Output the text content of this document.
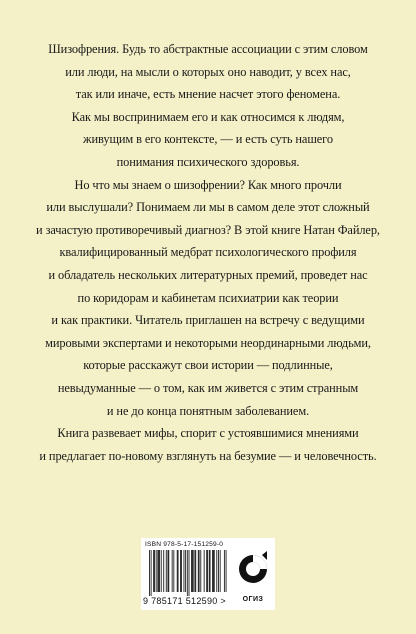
Шизофрения. Будь то абстрактные ассоциации с этим словом
или люди, на мысли о которых оно наводит, у всех нас,
так или иначе, есть мнение насчет этого феномена.

Как мы воспринимаем его и как относимся к людям,
живущим в его контексте, — и есть суть нашего
понимания психического здоровья.

Но что мы знаем о шизофрении? Как много прочли
или выслушали? Понимаем ли мы в самом деле этот сложный
и зачастую противоречивый диагноз? В этой книге Натан Файлер,
квалифицированный медбрат психологического профиля
и обладатель нескольких литературных премий, проведет нас
по коридорам и кабинетам психиатрии как теории
и как практики. Читатель приглашен на встречу с ведущими
мировыми экспертами и некоторыми неординарными людьми,
которые расскажут свои истории — подлинные,
невыдуманные — о том, как им живется с этим странным
и не до конца понятным заболеванием.

Книга развевает мифы, спорит с устоявшимися мнениями
и предлагает по-новому взглянуть на безумие — и человечность.

ISBN 978-5-17-151259-0
9 785171 512590 >	ОГИЗ
